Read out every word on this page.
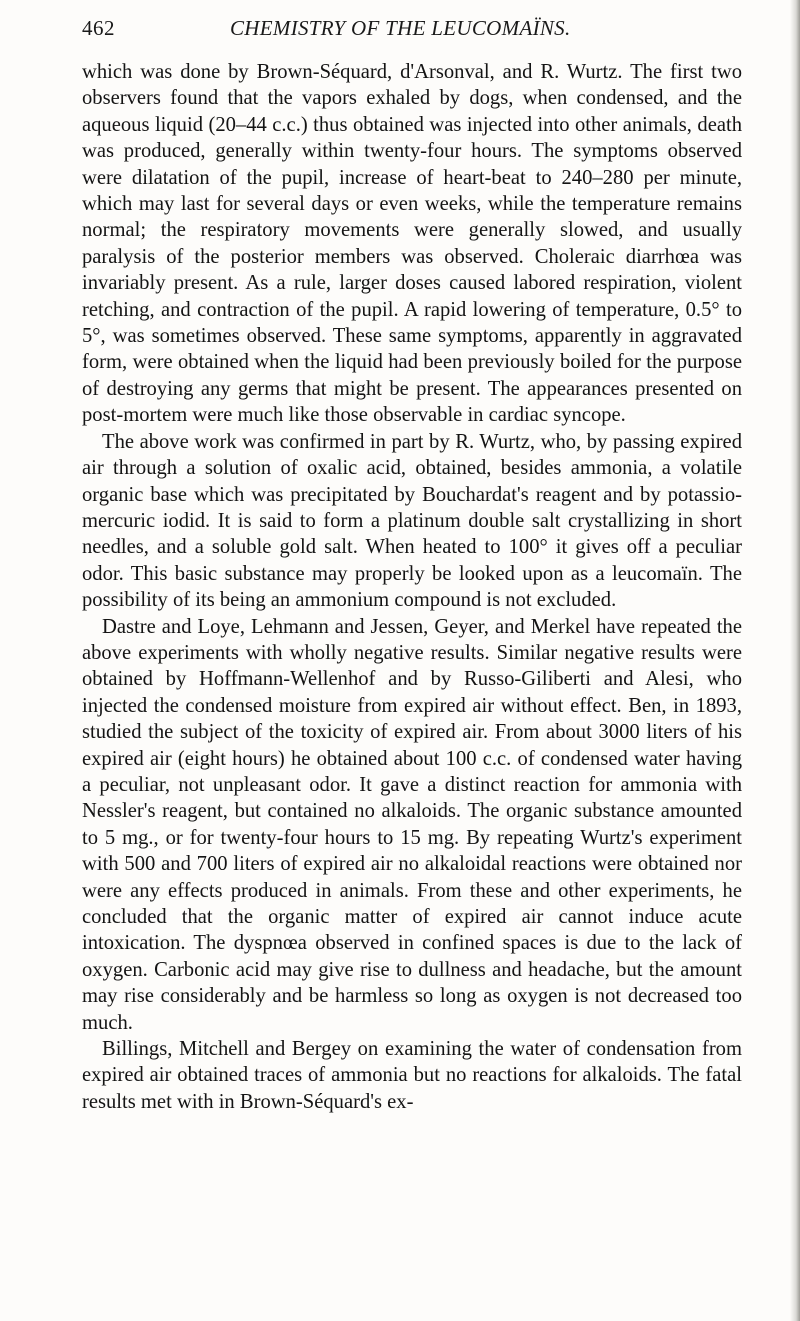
462	CHEMISTRY OF THE LEUCOMAÏNS.

which was done by Brown-Séquard, d'Arsonval, and R. Wurtz. The first two observers found that the vapors exhaled by dogs, when condensed, and the aqueous liquid (20–44 c.c.) thus obtained was injected into other animals, death was produced, generally within twenty-four hours. The symptoms observed were dilatation of the pupil, increase of heart-beat to 240–280 per minute, which may last for several days or even weeks, while the temperature remains normal; the respiratory movements were generally slowed, and usually paralysis of the posterior members was observed. Choleraic diarrhœa was invariably present. As a rule, larger doses caused labored respiration, violent retching, and contraction of the pupil. A rapid lowering of temperature, 0.5° to 5°, was sometimes observed. These same symptoms, apparently in aggravated form, were obtained when the liquid had been previously boiled for the purpose of destroying any germs that might be present. The appearances presented on post-mortem were much like those observable in cardiac syncope.

The above work was confirmed in part by R. Wurtz, who, by passing expired air through a solution of oxalic acid, obtained, besides ammonia, a volatile organic base which was precipitated by Bouchardat's reagent and by potassio-mercuric iodid. It is said to form a platinum double salt crystallizing in short needles, and a soluble gold salt. When heated to 100° it gives off a peculiar odor. This basic substance may properly be looked upon as a leucomaïn. The possibility of its being an ammonium compound is not excluded.

Dastre and Loye, Lehmann and Jessen, Geyer, and Merkel have repeated the above experiments with wholly negative results. Similar negative results were obtained by Hoffmann-Wellenhof and by Russo-Giliberti and Alesi, who injected the condensed moisture from expired air without effect. Ben, in 1893, studied the subject of the toxicity of expired air. From about 3000 liters of his expired air (eight hours) he obtained about 100 c.c. of condensed water having a peculiar, not unpleasant odor. It gave a distinct reaction for ammonia with Nessler's reagent, but contained no alkaloids. The organic substance amounted to 5 mg., or for twenty-four hours to 15 mg. By repeating Wurtz's experiment with 500 and 700 liters of expired air no alkaloidal reactions were obtained nor were any effects produced in animals. From these and other experiments, he concluded that the organic matter of expired air cannot induce acute intoxication. The dyspnœa observed in confined spaces is due to the lack of oxygen. Carbonic acid may give rise to dullness and headache, but the amount may rise considerably and be harmless so long as oxygen is not decreased too much.

Billings, Mitchell and Bergey on examining the water of condensation from expired air obtained traces of ammonia but no reactions for alkaloids. The fatal results met with in Brown-Séquard's ex-
